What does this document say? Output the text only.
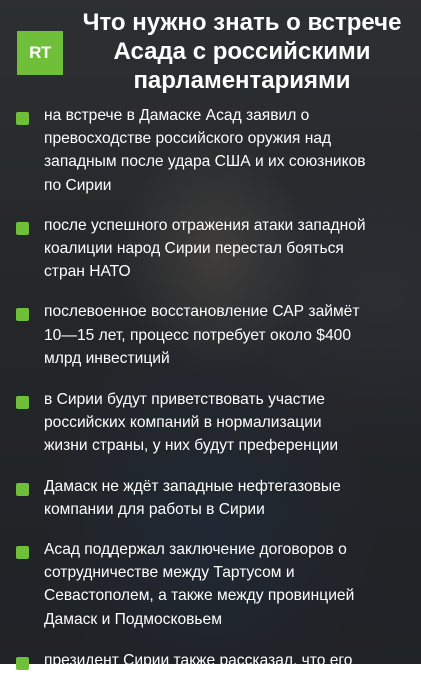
RT
Что нужно знать о встрече
Асада с российскими
парламентариями
на встрече в Дамаске Асад заявил о
превосходстве российского оружия над
западным после удара США и их союзников
по Сирии
после успешного отражения атаки западной
коалиции народ Сирии перестал бояться
стран НАТО
послевоенное восстановление САР займёт
10—15 лет, процесс потребует около $400
млрд инвестиций
в Сирии будут приветствовать участие
российских компаний в нормализации
жизни страны, у них будут преференции
Дамаск не ждёт западные нефтегазовые
компании для работы в Сирии
Асад поддержал заключение договоров о
сотрудничестве между Тартусом и
Севастополем, а также между провинцией
Дамаск и Подмосковьем
президент Сирии также рассказал, что его
дети в прошлом году отдыхали в «Артеке»
